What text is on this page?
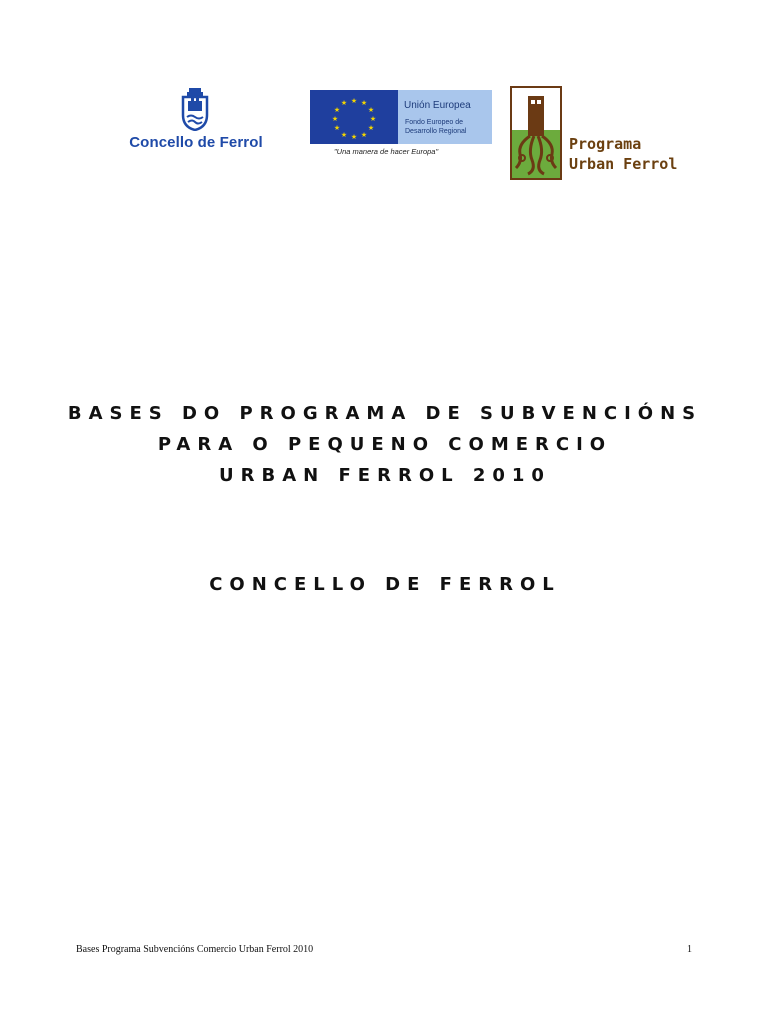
Concello de Ferrol
★ ★
★
★
★
★
★
★
★
★
★
★	Unión Europea
Fondo Europeo de
Desarrollo Regional
"Una manera de hacer Europa"	Programa
Urban Ferrol
BASES DO PROGRAMA DE SUBVENCIÓNS
PARA O PEQUENO COMERCIO
URBAN FERROL 2010
CONCELLO DE FERROL
Bases Programa Subvencións Comercio Urban Ferrol 2010	1
